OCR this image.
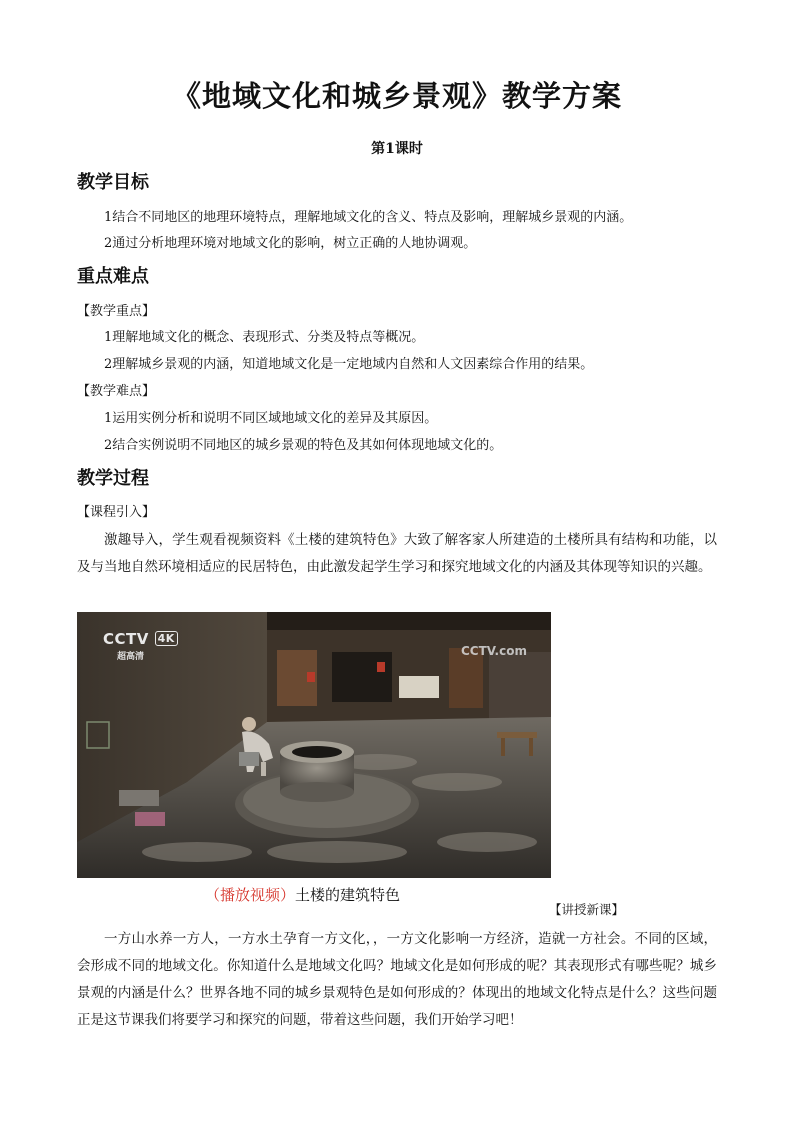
《地域文化和城乡景观》教学方案
第1课时
教学目标
1结合不同地区的地理环境特点，理解地域文化的含义、特点及影响，理解城乡景观的内涵。
2通过分析地理环境对地域文化的影响，树立正确的人地协调观。
重点难点
【教学重点】
1理解地域文化的概念、表现形式、分类及特点等概况。
2理解城乡景观的内涵，知道地域文化是一定地域内自然和人文因素综合作用的结果。
【教学难点】
1运用实例分析和说明不同区域地域文化的差异及其原因。
2结合实例说明不同地区的城乡景观的特色及其如何体现地域文化的。
教学过程
【课程引入】
激趣导入，学生观看视频资料《土楼的建筑特色》大致了解客家人所建造的土楼所具有结构和功能，以及与当地自然环境相适应的民居特色，由此激发起学生学习和探究地域文化的内涵及其体现等知识的兴趣。
CCTV 4K
超高清	CCTV.com
（播放视频）土楼的建筑特色
【讲授新课】
一方山水养一方人，一方水土孕育一方文化，，一方文化影响一方经济，造就一方社会。不同的区域，会形成不同的地域文化。你知道什么是地域文化吗？地域文化是如何形成的呢？其表现形式有哪些呢？城乡景观的内涵是什么？世界各地不同的城乡景观特色是如何形成的？体现出的地域文化特点是什么？这些问题正是这节课我们将要学习和探究的问题，带着这些问题，我们开始学习吧！
